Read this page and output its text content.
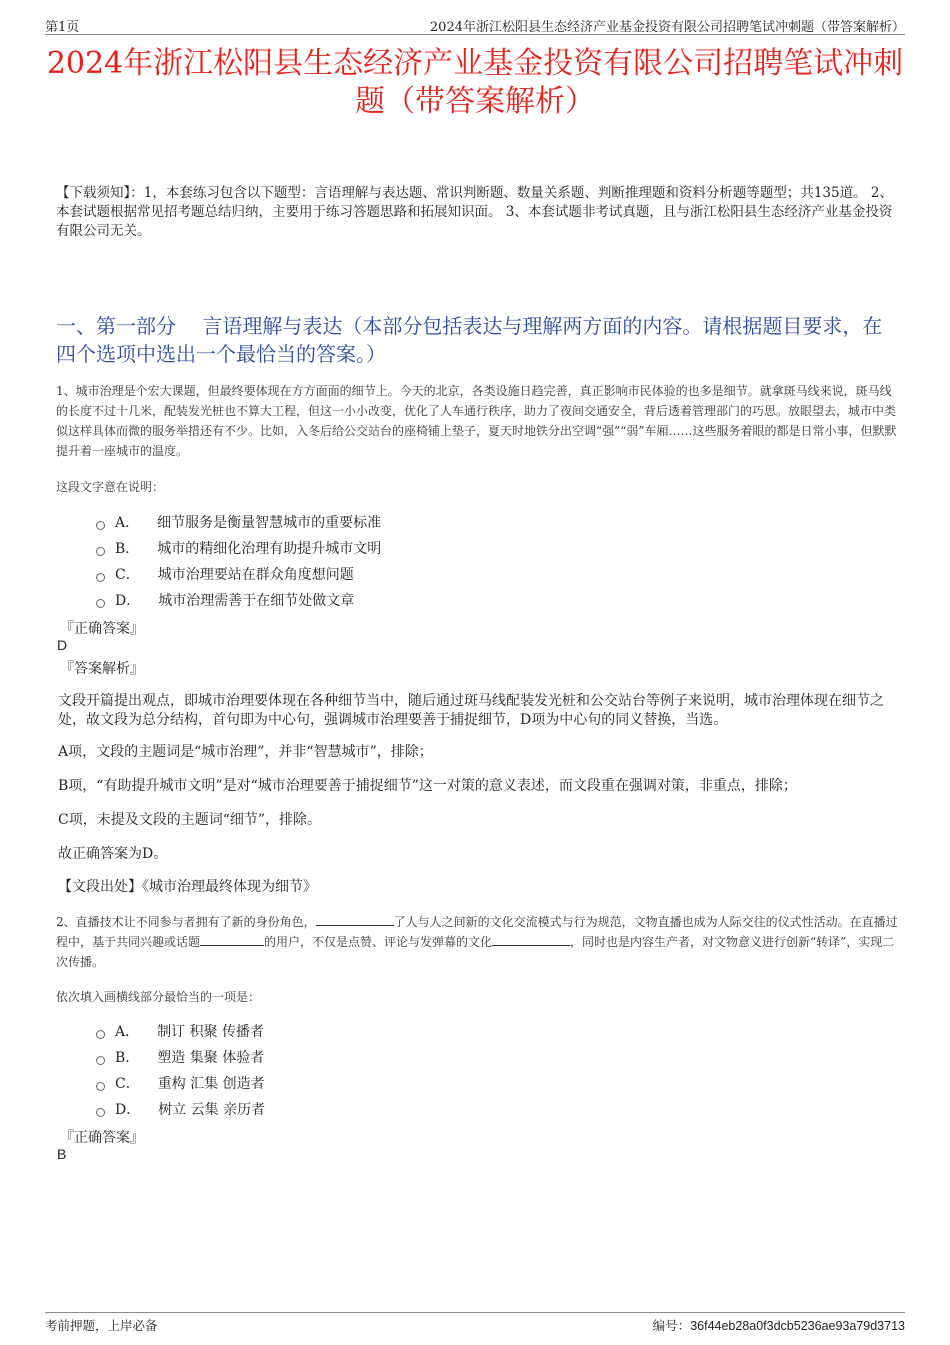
第1页	2024年浙江松阳县生态经济产业基金投资有限公司招聘笔试冲刺题（带答案解析）
2024年浙江松阳县生态经济产业基金投资有限公司招聘笔试冲刺题（带答案解析）
【下载须知】：1，本套练习包含以下题型：言语理解与表达题、常识判断题、数量关系题、判断推理题和资料分析题等题型；共135道。 2、本套试题根据常见招考题总结归纳，主要用于练习答题思路和拓展知识面。 3、本套试题非考试真题，且与浙江松阳县生态经济产业基金投资有限公司无关。
一、第一部分　 言语理解与表达（本部分包括表达与理解两方面的内容。请根据题目要求，在四个选项中选出一个最恰当的答案。）
1、城市治理是个宏大课题，但最终要体现在方方面面的细节上。今天的北京，各类设施日趋完善，真正影响市民体验的也多是细节。就拿斑马线来说，斑马线的长度不过十几米，配装发光桩也不算大工程，但这一小小改变，优化了人车通行秩序，助力了夜间交通安全，背后透着管理部门的巧思。放眼望去，城市中类似这样具体而微的服务举措还有不少。比如，入冬后给公交站台的座椅铺上垫子，夏天时地铁分出空调“强”“弱”车厢……这些服务着眼的都是日常小事，但默默提升着一座城市的温度。
这段文字意在说明：
A． 细节服务是衡量智慧城市的重要标准
B． 城市的精细化治理有助提升城市文明
C． 城市治理要站在群众角度想问题
D． 城市治理需善于在细节处做文章
『正确答案』
D
『答案解析』
文段开篇提出观点，即城市治理要体现在各种细节当中，随后通过斑马线配装发光桩和公交站台等例子来说明，城市治理体现在细节之处，故文段为总分结构，首句即为中心句，强调城市治理要善于捕捉细节，D项为中心句的同义替换，当选。
A项，文段的主题词是“城市治理”，并非“智慧城市”，排除；
B项，“有助提升城市文明”是对“城市治理要善于捕捉细节”这一对策的意义表述，而文段重在强调对策，非重点，排除；
C项，未提及文段的主题词“细节”，排除。
故正确答案为D。
【文段出处】《城市治理最终体现为细节》
2、直播技术让不同参与者拥有了新的身份角色，	了人与人之间新的文化交流模式与行为规范，文物直播也成为人际交往的仪式性活动。在直播过程中，基于共同兴趣或话题	的用户，不仅是点赞、评论与发弹幕的文化	，同时也是内容生产者，对文物意义进行创新“转译”，实现二次传播。
依次填入画横线部分最恰当的一项是：
A． 制订 积聚 传播者
B． 塑造 集聚 体验者
C． 重构 汇集 创造者
D． 树立 云集 亲历者
『正确答案』
B
考前押题，上岸必备	编号：36f44eb28a0f3dcb5236ae93a79d3713
